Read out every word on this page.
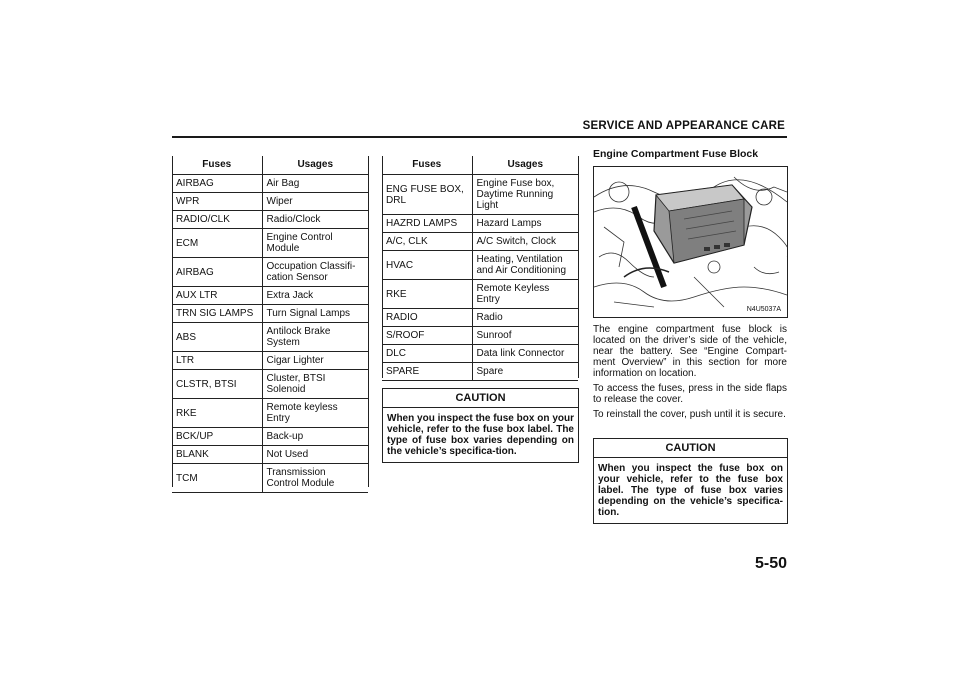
SERVICE AND APPEARANCE CARE
Fuses	Usages
AIRBAG	Air Bag
WPR	Wiper
RADIO/CLK	Radio/Clock
ECM	Engine Control
Module
AIRBAG	Occupation Classifi-
cation Sensor
AUX LTR	Extra Jack
TRN SIG LAMPS	Turn Signal Lamps
ABS	Antilock Brake
System
LTR	Cigar Lighter
CLSTR, BTSI	Cluster, BTSI
Solenoid
RKE	Remote keyless
Entry
BCK/UP	Back-up
BLANK	Not Used
TCM	Transmission
Control Module
Fuses	Usages
ENG FUSE BOX,
DRL	Engine Fuse box,
Daytime Running
Light
HAZRD LAMPS	Hazard Lamps
A/C, CLK	A/C Switch, Clock
HVAC	Heating, Ventilation
and Air Conditioning
RKE	Remote Keyless
Entry
RADIO	Radio
S/ROOF	Sunroof
DLC	Data link Connector
SPARE	Spare
CAUTION
When you inspect the fuse box on your vehicle, refer to the fuse box label. The type of fuse box varies depending on the vehicle’s specifica-tion.
Engine Compartment Fuse Block
N4U5037A
The engine compartment fuse block is located on the driver’s side of the vehicle, near the battery. See “Engine Compart-ment Overview” in this section for more information on location.
To access the fuses, press in the side flaps to release the cover.
To reinstall the cover, push until it is secure.
CAUTION
When you inspect the fuse box on your vehicle, refer to the fuse box label. The type of fuse box varies depending on the vehicle’s specifica-tion.
5-50
